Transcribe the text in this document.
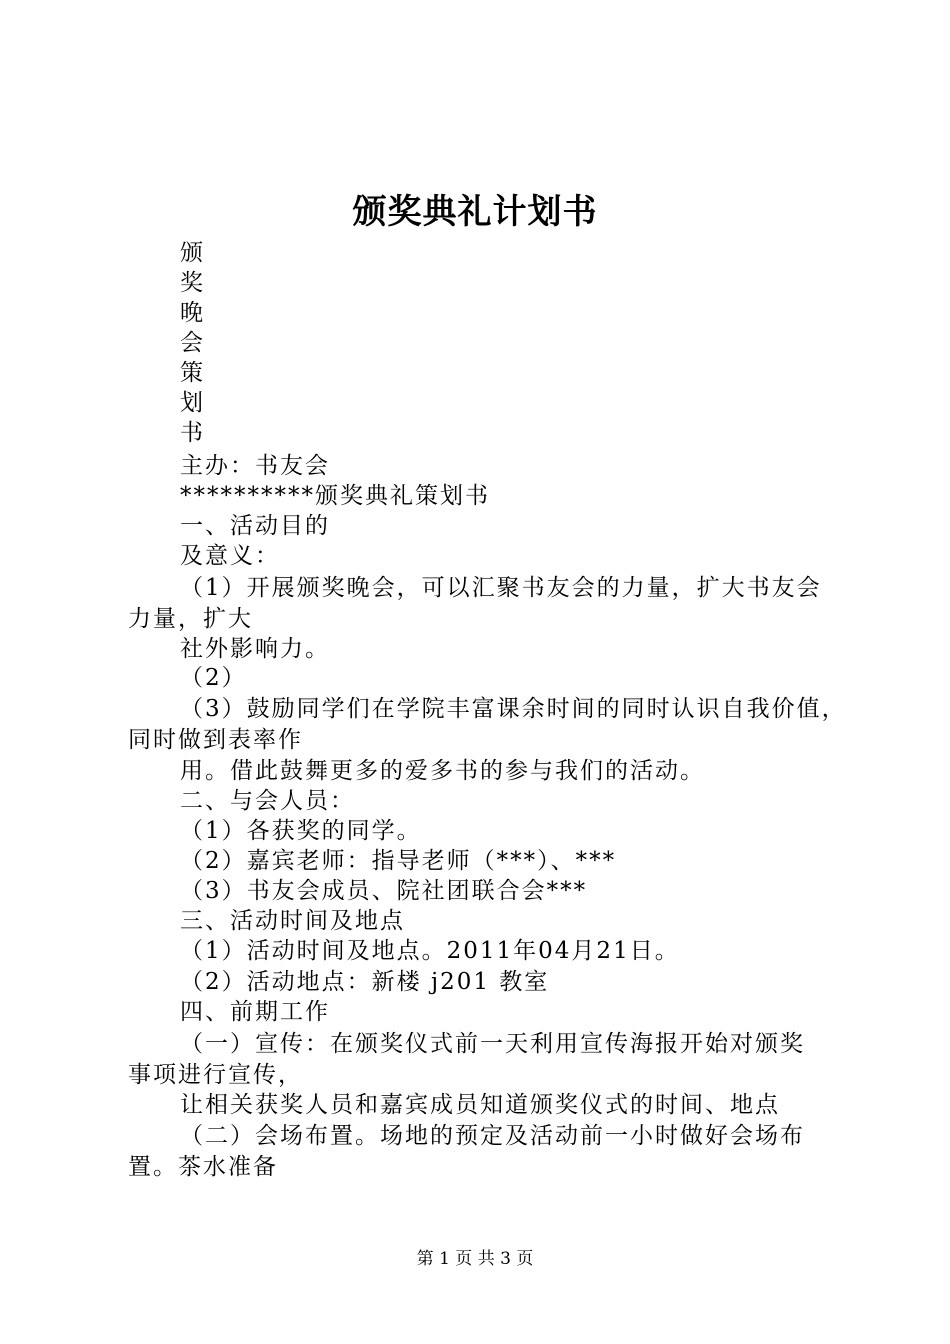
颁奖典礼计划书
颁
奖
晚
会
策
划
书
主办：书友会
**********颁奖典礼策划书
一、活动目的
及意义：
（1）开展颁奖晚会，可以汇聚书友会的力量，扩大书友会
力量，扩大
社外影响力。
（2）
（3）鼓励同学们在学院丰富课余时间的同时认识自我价值，
同时做到表率作
用。借此鼓舞更多的爱多书的参与我们的活动。
二、与会人员：
（1）各获奖的同学。
（2）嘉宾老师：指导老师（***）、***
（3）书友会成员、院社团联合会***
三、活动时间及地点
（1）活动时间及地点。2011年04月21日。
（2）活动地点：新楼 j201 教室
四、前期工作
（一）宣传：在颁奖仪式前一天利用宣传海报开始对颁奖
事项进行宣传，
让相关获奖人员和嘉宾成员知道颁奖仪式的时间、地点
（二）会场布置。场地的预定及活动前一小时做好会场布
置。茶水准备
第 1 页 共 3 页
